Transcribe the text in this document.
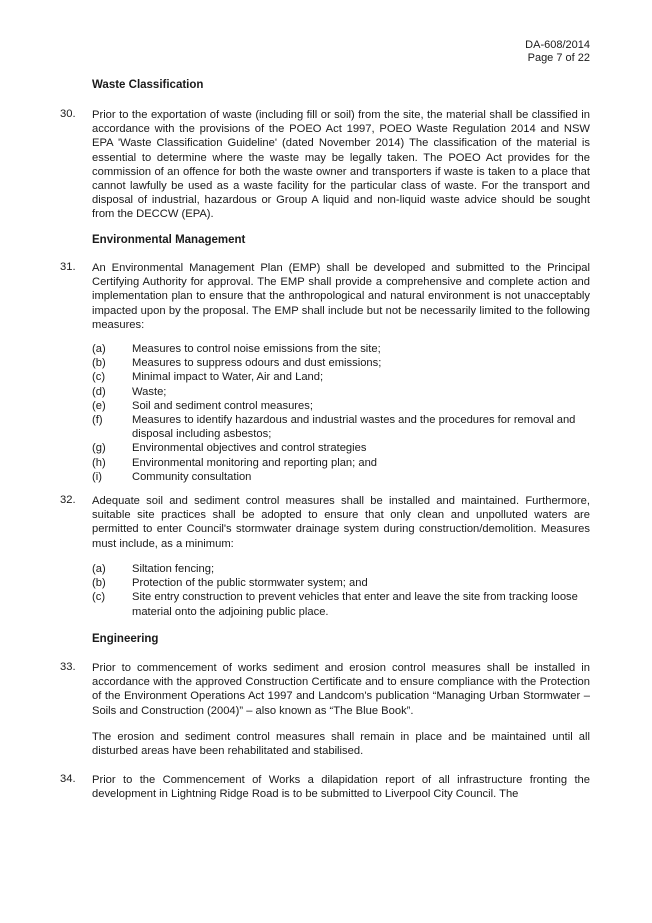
DA-608/2014
Page 7 of 22
Waste Classification
30. Prior to the exportation of waste (including fill or soil) from the site, the material shall be classified in accordance with the provisions of the POEO Act 1997, POEO Waste Regulation 2014 and NSW EPA 'Waste Classification Guideline' (dated November 2014) The classification of the material is essential to determine where the waste may be legally taken. The POEO Act provides for the commission of an offence for both the waste owner and transporters if waste is taken to a place that cannot lawfully be used as a waste facility for the particular class of waste. For the transport and disposal of industrial, hazardous or Group A liquid and non-liquid waste advice should be sought from the DECCW (EPA).
Environmental Management
31. An Environmental Management Plan (EMP) shall be developed and submitted to the Principal Certifying Authority for approval. The EMP shall provide a comprehensive and complete action and implementation plan to ensure that the anthropological and natural environment is not unacceptably impacted upon by the proposal. The EMP shall include but not be necessarily limited to the following measures:
(a)	Measures to control noise emissions from the site;
(b)	Measures to suppress odours and dust emissions;
(c)	Minimal impact to Water, Air and Land;
(d)	Waste;
(e)	Soil and sediment control measures;
(f)	Measures to identify hazardous and industrial wastes and the procedures for removal and disposal including asbestos;
(g)	Environmental objectives and control strategies
(h)	Environmental monitoring and reporting plan; and
(i)	Community consultation
32. Adequate soil and sediment control measures shall be installed and maintained. Furthermore, suitable site practices shall be adopted to ensure that only clean and unpolluted waters are permitted to enter Council's stormwater drainage system during construction/demolition. Measures must include, as a minimum:
(a)	Siltation fencing;
(b)	Protection of the public stormwater system; and
(c)	Site entry construction to prevent vehicles that enter and leave the site from tracking loose material onto the adjoining public place.
Engineering
33. Prior to commencement of works sediment and erosion control measures shall be installed in accordance with the approved Construction Certificate and to ensure compliance with the Protection of the Environment Operations Act 1997 and Landcom's publication “Managing Urban Stormwater – Soils and Construction (2004)” – also known as “The Blue Book”.
The erosion and sediment control measures shall remain in place and be maintained until all disturbed areas have been rehabilitated and stabilised.
34. Prior to the Commencement of Works a dilapidation report of all infrastructure fronting the development in Lightning Ridge Road is to be submitted to Liverpool City Council. The
